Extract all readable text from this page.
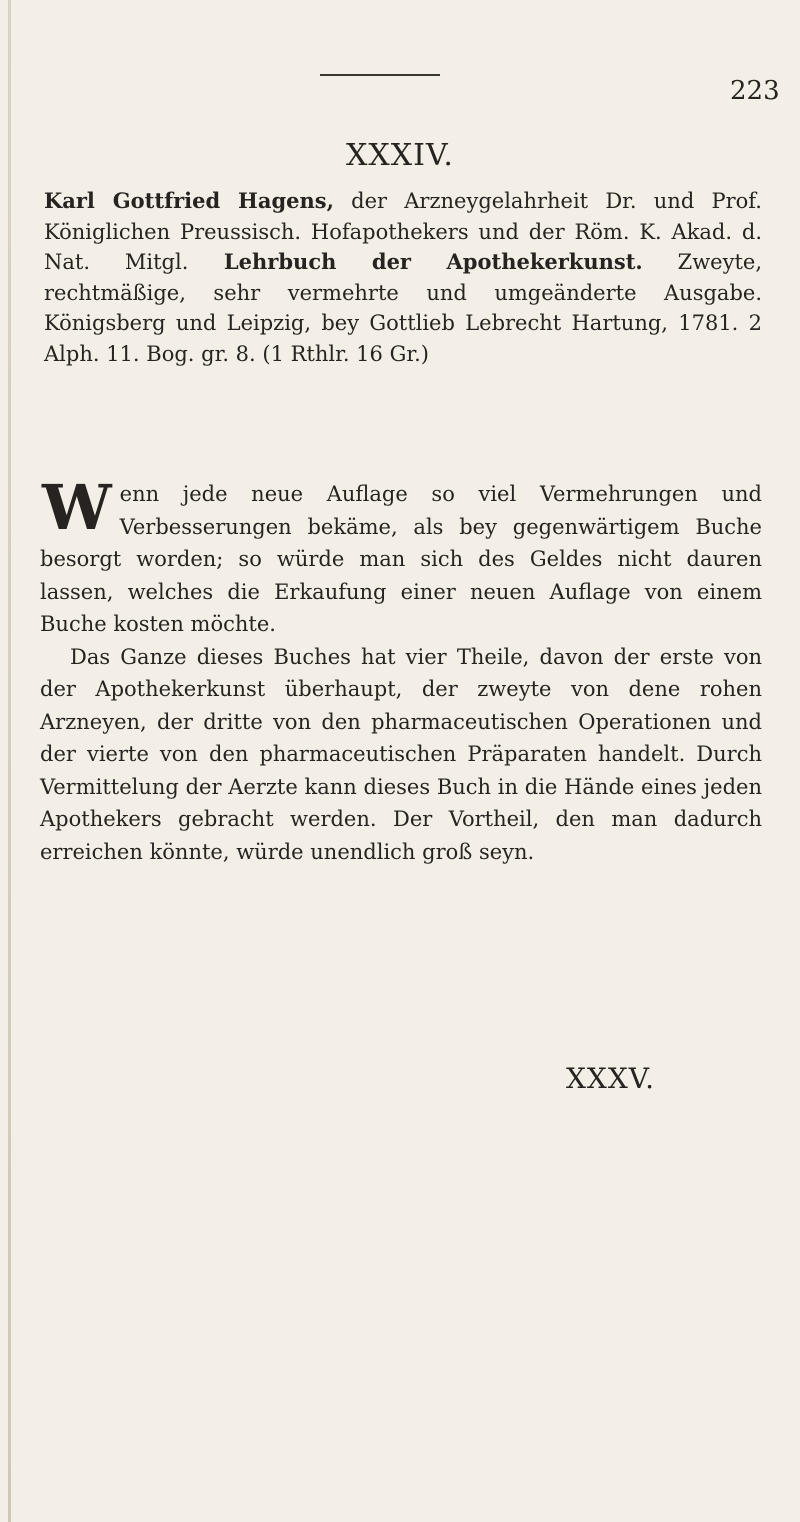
223
XXXIV.
Karl Gottfried Hagens, der Arzneygelahrheit Dr. und Prof. Königlichen Preussisch. Hofapothekers und der Röm. K. Akad. d. Nat. Mitgl. Lehrbuch der Apothekerkunst. Zweyte, rechtmäßige, sehr vermehrte und umgeänderte Ausgabe. Königsberg und Leipzig, bey Gottlieb Lebrecht Hartung, 1781. 2 Alph. 11. Bog. gr. 8. (1 Rthlr. 16 Gr.)

Wenn jede neue Auflage so viel Vermehrungen und Verbesserungen bekäme, als bey gegenwärtigem Buche besorgt worden; so würde man sich des Geldes nicht dauren lassen, welches die Erkaufung einer neuen Auflage von einem Buche kosten möchte.

Das Ganze dieses Buches hat vier Theile, davon der erste von der Apothekerkunst überhaupt, der zweyte von dene rohen Arzneyen, der dritte von den pharmaceutischen Operationen und der vierte von den pharmaceutischen Präparaten handelt. Durch Vermittelung der Aerzte kann dieses Buch in die Hände eines jeden Apothekers gebracht werden. Der Vortheil, den man dadurch erreichen könnte, würde unendlich groß seyn.

XXXV.
